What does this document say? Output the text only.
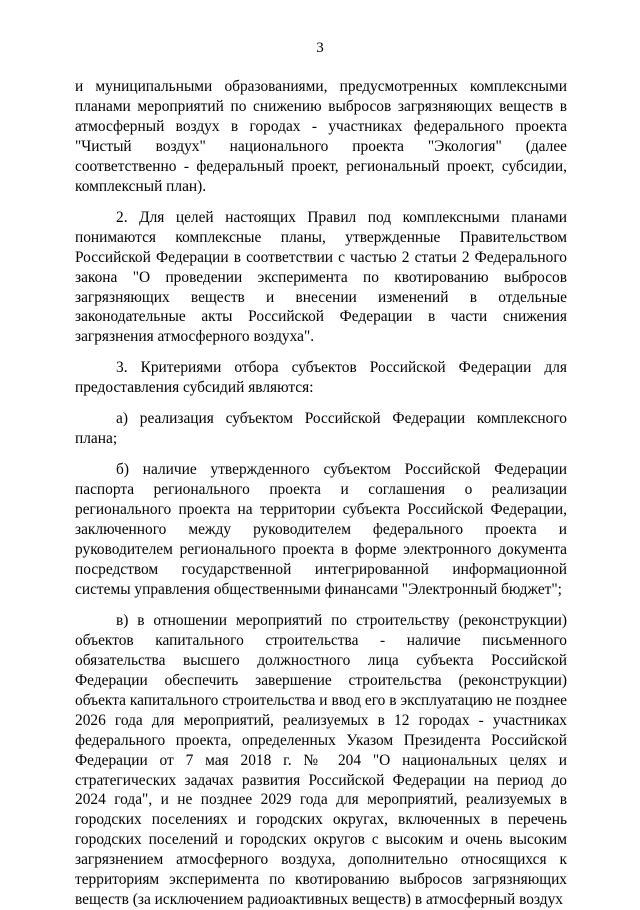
3

и муниципальными образованиями, предусмотренных комплексными планами мероприятий по снижению выбросов загрязняющих веществ в атмосферный воздух в городах - участниках федерального проекта "Чистый воздух" национального проекта "Экология" (далее соответственно - федеральный проект, региональный проект, субсидии, комплексный план).

2. Для целей настоящих Правил под комплексными планами понимаются комплексные планы, утвержденные Правительством Российской Федерации в соответствии с частью 2 статьи 2 Федерального закона "О проведении эксперимента по квотированию выбросов загрязняющих веществ и внесении изменений в отдельные законодательные акты Российской Федерации в части снижения загрязнения атмосферного воздуха".

3. Критериями отбора субъектов Российской Федерации для предоставления субсидий являются:

а) реализация субъектом Российской Федерации комплексного плана;

б) наличие утвержденного субъектом Российской Федерации паспорта регионального проекта и соглашения о реализации регионального проекта на территории субъекта Российской Федерации, заключенного между руководителем федерального проекта и руководителем регионального проекта в форме электронного документа посредством государственной интегрированной информационной системы управления общественными финансами "Электронный бюджет";

в) в отношении мероприятий по строительству (реконструкции) объектов капитального строительства - наличие письменного обязательства высшего должностного лица субъекта Российской Федерации обеспечить завершение строительства (реконструкции) объекта капитального строительства и ввод его в эксплуатацию не позднее 2026 года для мероприятий, реализуемых в 12 городах - участниках федерального проекта, определенных Указом Президента Российской Федерации от 7 мая 2018 г. № 204 "О национальных целях и стратегических задачах развития Российской Федерации на период до 2024 года", и не позднее 2029 года для мероприятий, реализуемых в городских поселениях и городских округах, включенных в перечень городских поселений и городских округов с высоким и очень высоким загрязнением атмосферного воздуха, дополнительно относящихся к территориям эксперимента по квотированию выбросов загрязняющих веществ (за исключением радиоактивных веществ) в атмосферный воздух
